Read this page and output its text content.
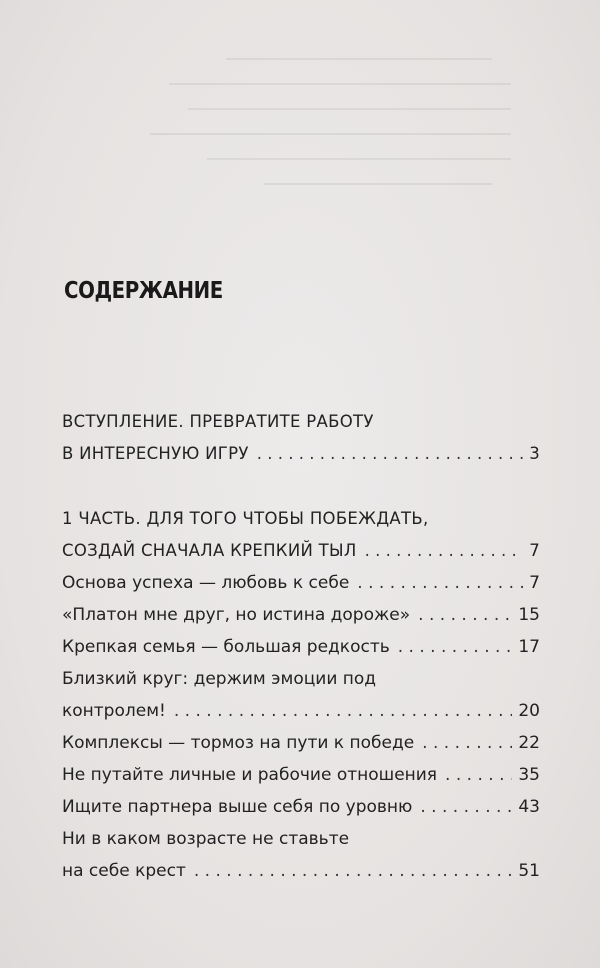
СОДЕРЖАНИЕ
ВСТУПЛЕНИЕ. ПРЕВРАТИТЕ РАБОТУ
В ИНТЕРЕСНУЮ ИГРУ . . .	3
1 ЧАСТЬ. ДЛЯ ТОГО ЧТОБЫ ПОБЕЖДАТЬ,
СОЗДАЙ СНАЧАЛА КРЕПКИЙ ТЫЛ . . .	7
Основа успеха — любовь к себе . . .	7
«Платон мне друг, но истина дороже» . . .	15
Крепкая семья — большая редкость . . .	17
Близкий круг: держим эмоции под
контролем! . . .	20
Комплексы — тормоз на пути к победе . . .	22
Не путайте личные и рабочие отношения . . .	35
Ищите партнера выше себя по уровню . . .	43
Ни в каком возрасте не ставьте
на себе крест . . .	51
